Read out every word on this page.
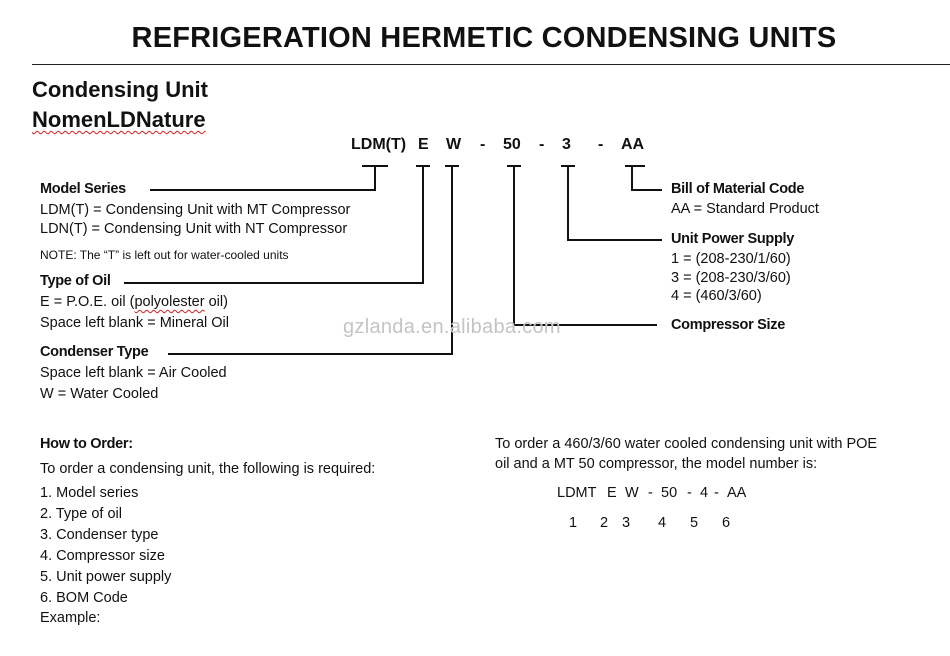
REFRIGERATION HERMETIC CONDENSING UNITS
Condensing Unit
NomenLDNature
LDM(T) E W - 50 - 3 - AA
Model Series
LDM(T) = Condensing Unit with MT Compressor
LDN(T) = Condensing Unit with NT Compressor
NOTE: The “T” is left out for water-cooled units
Type of Oil
E = P.O.E. oil (polyolester oil)
Space left blank = Mineral Oil
Condenser Type
Space left blank = Air Cooled
W = Water Cooled
Bill of Material Code
AA = Standard Product
Unit Power Supply
1 = (208-230/1/60)
3 = (208-230/3/60)
4 = (460/3/60)
Compressor Size
gzlanda.en.alibaba.com
How to Order:
To order a condensing unit, the following is required:
1. Model series
2. Type of oil
3. Condenser type
4. Compressor size
5. Unit power supply
6. BOM Code
Example:
To order a 460/3/60 water cooled condensing unit with POE
oil and a MT 50 compressor, the model number is:
LDMT E W - 50 - 4 - AA
1 2 3 4 5 6
